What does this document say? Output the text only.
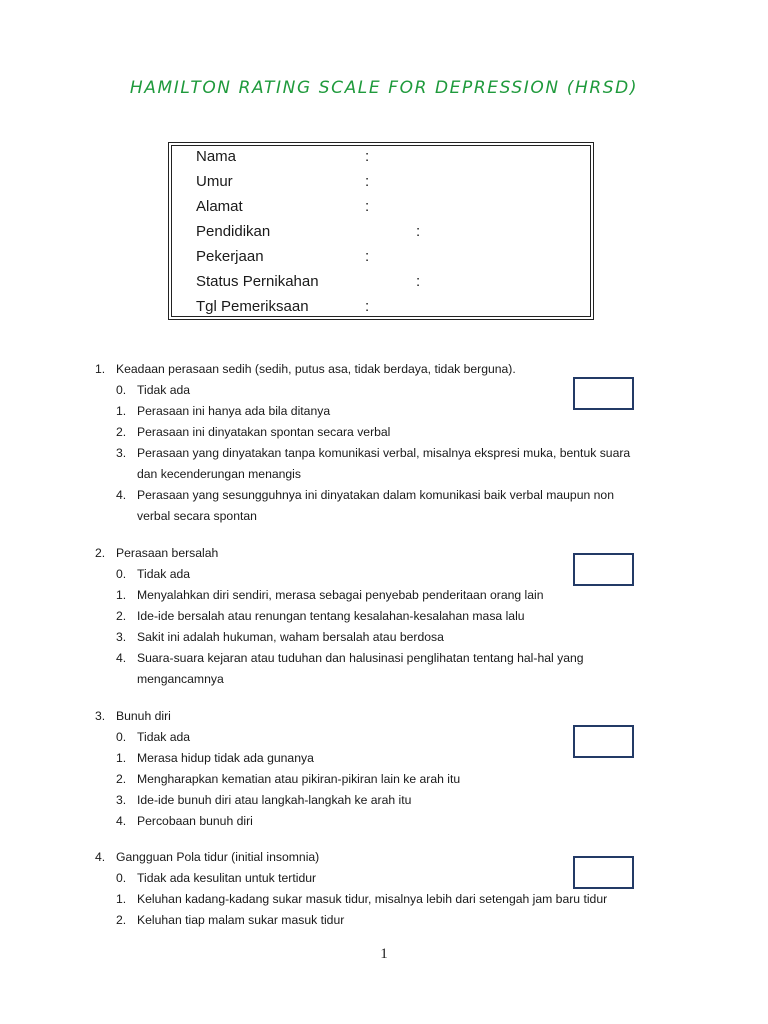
HAMILTON RATING SCALE FOR DEPRESSION (HRSD)
Nama	:
Umur	:
Alamat	:
Pendidikan	:
Pekerjaan	:
Status Pernikahan	:
Tgl Pemeriksaan	:
1. Keadaan perasaan sedih (sedih, putus asa, tidak berdaya, tidak berguna).
0. Tidak ada
1. Perasaan ini hanya ada bila ditanya
2. Perasaan ini dinyatakan spontan secara verbal
3. Perasaan yang dinyatakan tanpa komunikasi verbal, misalnya ekspresi muka, bentuk suara
dan kecenderungan menangis
4. Perasaan yang sesungguhnya ini dinyatakan dalam komunikasi baik verbal maupun non
verbal secara spontan
2. Perasaan bersalah
0. Tidak ada
1. Menyalahkan diri sendiri, merasa sebagai penyebab penderitaan orang lain
2. Ide-ide bersalah atau renungan tentang kesalahan-kesalahan masa lalu
3. Sakit ini adalah hukuman, waham bersalah atau berdosa
4. Suara-suara kejaran atau tuduhan dan halusinasi penglihatan tentang hal-hal yang
mengancamnya
3. Bunuh diri
0. Tidak ada
1. Merasa hidup tidak ada gunanya
2. Mengharapkan kematian atau pikiran-pikiran lain ke arah itu
3. Ide-ide bunuh diri atau langkah-langkah ke arah itu
4. Percobaan bunuh diri
4. Gangguan Pola tidur (initial insomnia)
0. Tidak ada kesulitan untuk tertidur
1. Keluhan kadang-kadang sukar masuk tidur, misalnya lebih dari setengah jam baru tidur
2. Keluhan tiap malam sukar masuk tidur
1
